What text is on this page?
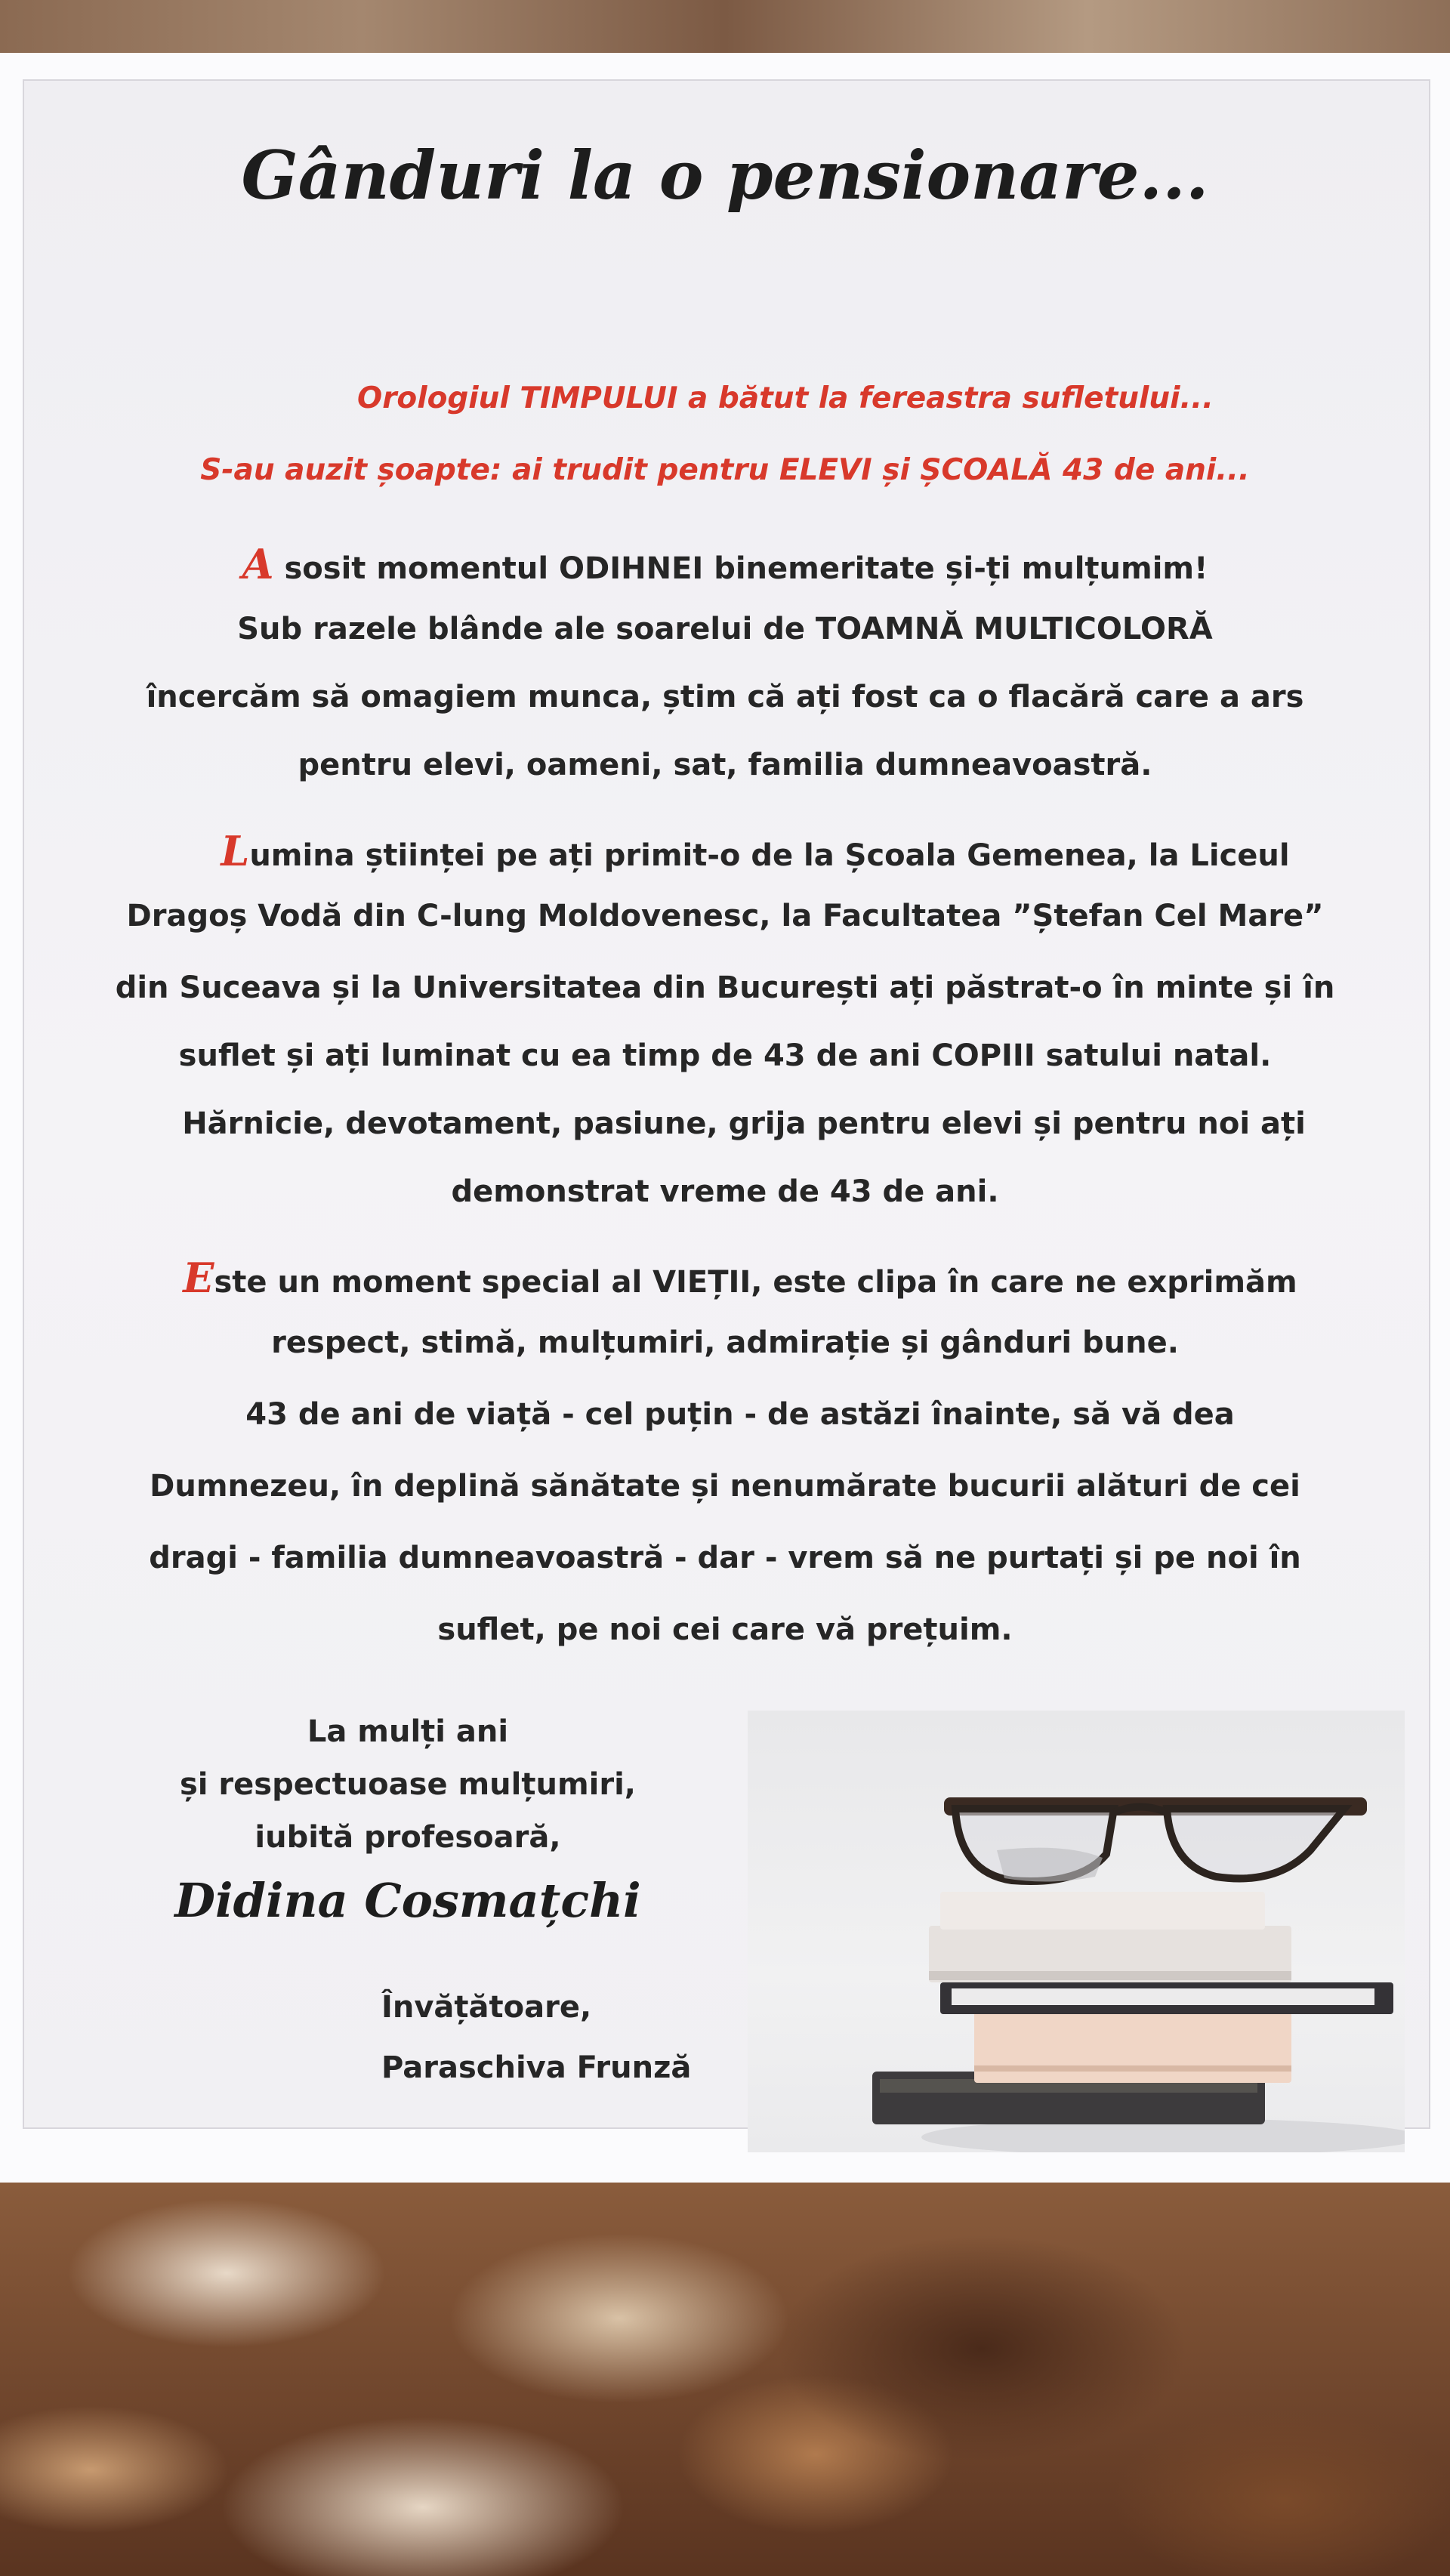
Gânduri la o pensionare...
Orologiul TIMPULUI a bătut la fereastra sufletului...
S-au auzit șoapte: ai trudit pentru ELEVI și ȘCOALĂ 43 de ani...
A sosit momentul ODIHNEI binemeritate și-ți mulțumim!
Sub razele blânde ale soarelui de TOAMNĂ MULTICOLORĂ
încercăm să omagiem munca, știm că ați fost ca o flacără care a ars
pentru elevi, oameni, sat, familia dumneavoastră.
Lumina științei pe ați primit-o de la Școala Gemenea, la Liceul
Dragoș Vodă din C-lung Moldovenesc, la Facultatea ”Ștefan Cel Mare”
din Suceava și la Universitatea din București ați păstrat-o în minte și în
suflet și ați luminat cu ea timp de 43 de ani COPIII satului natal.
Hărnicie, devotament, pasiune, grija pentru elevi și pentru noi ați
demonstrat vreme de 43 de ani.
Este un moment special al VIEȚII, este clipa în care ne exprimăm
respect, stimă, mulțumiri, admirație și gânduri bune.
43 de ani de viață - cel puțin - de astăzi înainte, să vă dea
Dumnezeu, în deplină sănătate și nenumărate bucurii alături de cei
dragi - familia dumneavoastră - dar - vrem să ne purtați și pe noi în
suflet, pe noi cei care vă prețuim.
La mulți ani
și respectuoase mulțumiri,
iubită profesoară,
Didina Cosmațchi
Învățătoare,
Paraschiva Frunză
